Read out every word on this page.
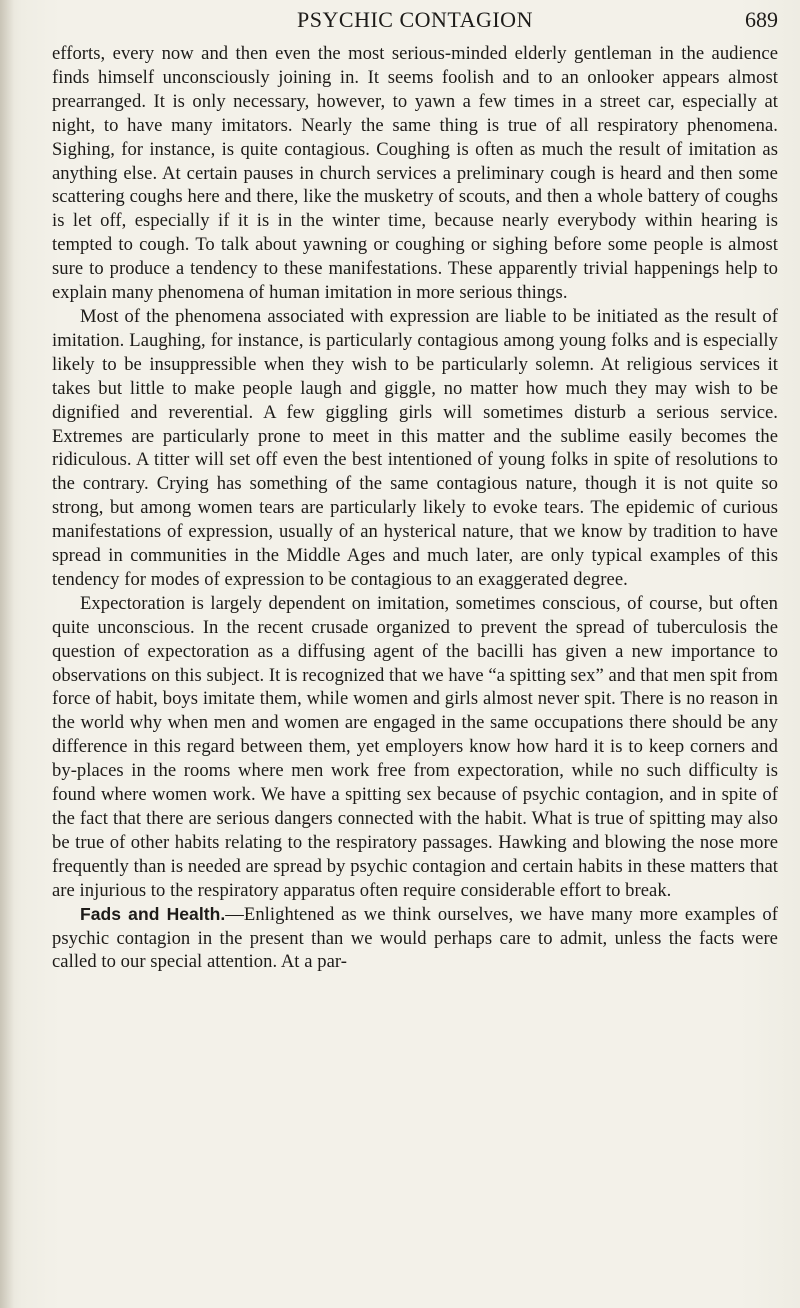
PSYCHIC CONTAGION	689

efforts, every now and then even the most serious-minded elderly gentleman in the audience finds himself unconsciously joining in. It seems foolish and to an onlooker appears almost prearranged. It is only necessary, however, to yawn a few times in a street car, especially at night, to have many imitators. Nearly the same thing is true of all respiratory phenomena. Sighing, for instance, is quite contagious. Coughing is often as much the result of imitation as anything else. At certain pauses in church services a preliminary cough is heard and then some scattering coughs here and there, like the musketry of scouts, and then a whole battery of coughs is let off, especially if it is in the winter time, because nearly everybody within hearing is tempted to cough. To talk about yawning or coughing or sighing before some people is almost sure to produce a tendency to these manifestations. These apparently trivial happenings help to explain many phenomena of human imitation in more serious things.

Most of the phenomena associated with expression are liable to be initiated as the result of imitation. Laughing, for instance, is particularly contagious among young folks and is especially likely to be insuppressible when they wish to be particularly solemn. At religious services it takes but little to make people laugh and giggle, no matter how much they may wish to be dignified and reverential. A few giggling girls will sometimes disturb a serious service. Extremes are particularly prone to meet in this matter and the sublime easily becomes the ridiculous. A titter will set off even the best intentioned of young folks in spite of resolutions to the contrary. Crying has something of the same contagious nature, though it is not quite so strong, but among women tears are particularly likely to evoke tears. The epidemic of curious manifestations of expression, usually of an hysterical nature, that we know by tradition to have spread in communities in the Middle Ages and much later, are only typical examples of this tendency for modes of expression to be contagious to an exaggerated degree.

Expectoration is largely dependent on imitation, sometimes conscious, of course, but often quite unconscious. In the recent crusade organized to prevent the spread of tuberculosis the question of expectoration as a diffusing agent of the bacilli has given a new importance to observations on this subject. It is recognized that we have “a spitting sex” and that men spit from force of habit, boys imitate them, while women and girls almost never spit. There is no reason in the world why when men and women are engaged in the same occupations there should be any difference in this regard between them, yet employers know how hard it is to keep corners and by-places in the rooms where men work free from expectoration, while no such difficulty is found where women work. We have a spitting sex because of psychic contagion, and in spite of the fact that there are serious dangers connected with the habit. What is true of spitting may also be true of other habits relating to the respiratory passages. Hawking and blowing the nose more frequently than is needed are spread by psychic contagion and certain habits in these matters that are injurious to the respiratory apparatus often require considerable effort to break.

Fads and Health.—Enlightened as we think ourselves, we have many more examples of psychic contagion in the present than we would perhaps care to admit, unless the facts were called to our special attention. At a par-
